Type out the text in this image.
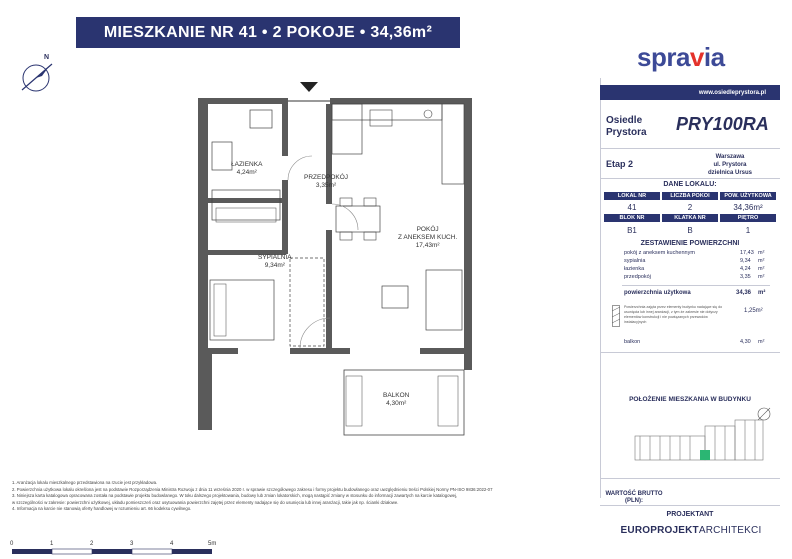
MIESZKANIE NR 41 • 2 POKOJE • 34,36m²
N
ŁAZIENKA
4,24m²
PRZEDPOKÓJ
3,35m²
POKÓJ
Z ANEKSEM KUCH.
17,43m²
SYPIALNIA
9,34m²
BALKON
4,30m²
spravia
www.osiedleprystora.pl
Osiedle Prystora	PRY100RA
Etap 2
Warszawa
ul. Prystora
dzielnica Ursus
DANE LOKALU:
LOKAL NR	LICZBA POKOI	POW. UŻYTKOWA
41	2	34,36m²
BLOK NR	KLATKA NR	PIĘTRO
B1	B	1
ZESTAWIENIE POWIERZCHNI
pokój z aneksem kuchennym	17,43 m²
sypialnia	9,34 m²
łazienka	4,24 m²
przedpokój	3,35 m²
powierzchnia użytkowa	34,36 m²
Powierzchnia zajęta przez elementy budynku nadające się do usunięcia lub innej aranżacji, z tym że zakresie nie dotyczy elementów konstrukcji i nie powiązanych przewodów instalacyjnych
1,25m²
balkon	4,30 m²
POŁOŻENIE MIESZKANIA W BUDYNKU
WARTOŚĆ BRUTTO (PLN):
PROJEKTANT
EUROPROJEKTARCHITEKCI
1. Aranżacja lokalu mieszkalnego przedstawiona na rzucie jest przykładowa.
2. Powierzchnia użytkowa lokalu określona jest na podstawie Rozporządzenia Ministra Rozwoju z dnia 11 września 2020 r. w sprawie szczegółowego zakresu i formy projektu budowlanego oraz uwzględnieniu treści Polskiej Normy PN-ISO 9836:2022-07
3. Niniejsza karta katalogowa opracowana została na podstawie projektu budowlanego. W toku dalszego projektowania, budowy lub zmian lokatorskich, mogą nastąpić zmiany w stosunku do informacji zawartych na karcie katalogowej,
w szczególności w zakresie: powierzchni użytkowej, układu pomieszczeń oraz usytuowania powierzchni zajętej przez elementy nadające się do usunięcia lub innej aranżacji, takie jak np. ścianki działowe.
4. Informacja na karcie nie stanowią oferty handlowej w rozumieniu art. 66 kodeksu cywilnego.
0	1	2	3	4	5m
